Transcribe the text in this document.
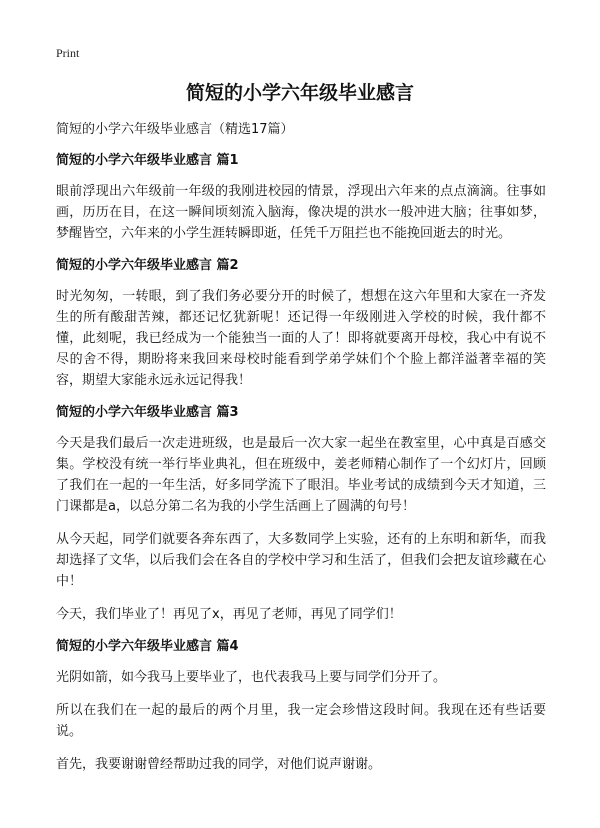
Print
简短的小学六年级毕业感言

简短的小学六年级毕业感言（精选17篇）

简短的小学六年级毕业感言 篇1

眼前浮现出六年级前一年级的我刚进校园的情景，浮现出六年来的点点滴滴。往事如画，历历在目，在这一瞬间顷刻流入脑海，像决堤的洪水一般冲进大脑；往事如梦，梦醒皆空，六年来的小学生涯转瞬即逝，任凭千万阻拦也不能挽回逝去的时光。

简短的小学六年级毕业感言 篇2

时光匆匆，一转眼，到了我们务必要分开的时候了，想想在这六年里和大家在一齐发生的所有酸甜苦辣，都还记忆犹新呢！还记得一年级刚进入学校的时候，我什都不懂，此刻呢，我已经成为一个能独当一面的人了！即将就要离开母校，我心中有说不尽的舍不得，期盼将来我回来母校时能看到学弟学妹们个个脸上都洋溢著幸福的笑容，期望大家能永远永远记得我！

简短的小学六年级毕业感言 篇3

今天是我们最后一次走进班级，也是最后一次大家一起坐在教室里，心中真是百感交集。学校没有统一举行毕业典礼，但在班级中，姜老师精心制作了一个幻灯片，回顾了我们在一起的一年生活，好多同学流下了眼泪。毕业考试的成绩到今天才知道，三门课都是a，以总分第二名为我的小学生活画上了圆满的句号！

从今天起，同学们就要各奔东西了，大多数同学上实验，还有的上东明和新华，而我却选择了文华，以后我们会在各自的学校中学习和生活了，但我们会把友谊珍藏在心中！

今天，我们毕业了！再见了x，再见了老师，再见了同学们！

简短的小学六年级毕业感言 篇4

光阴如箭，如今我马上要毕业了，也代表我马上要与同学们分开了。

所以在我们在一起的最后的两个月里，我一定会珍惜这段时间。我现在还有些话要说。

首先，我要谢谢曾经帮助过我的同学，对他们说声谢谢。
